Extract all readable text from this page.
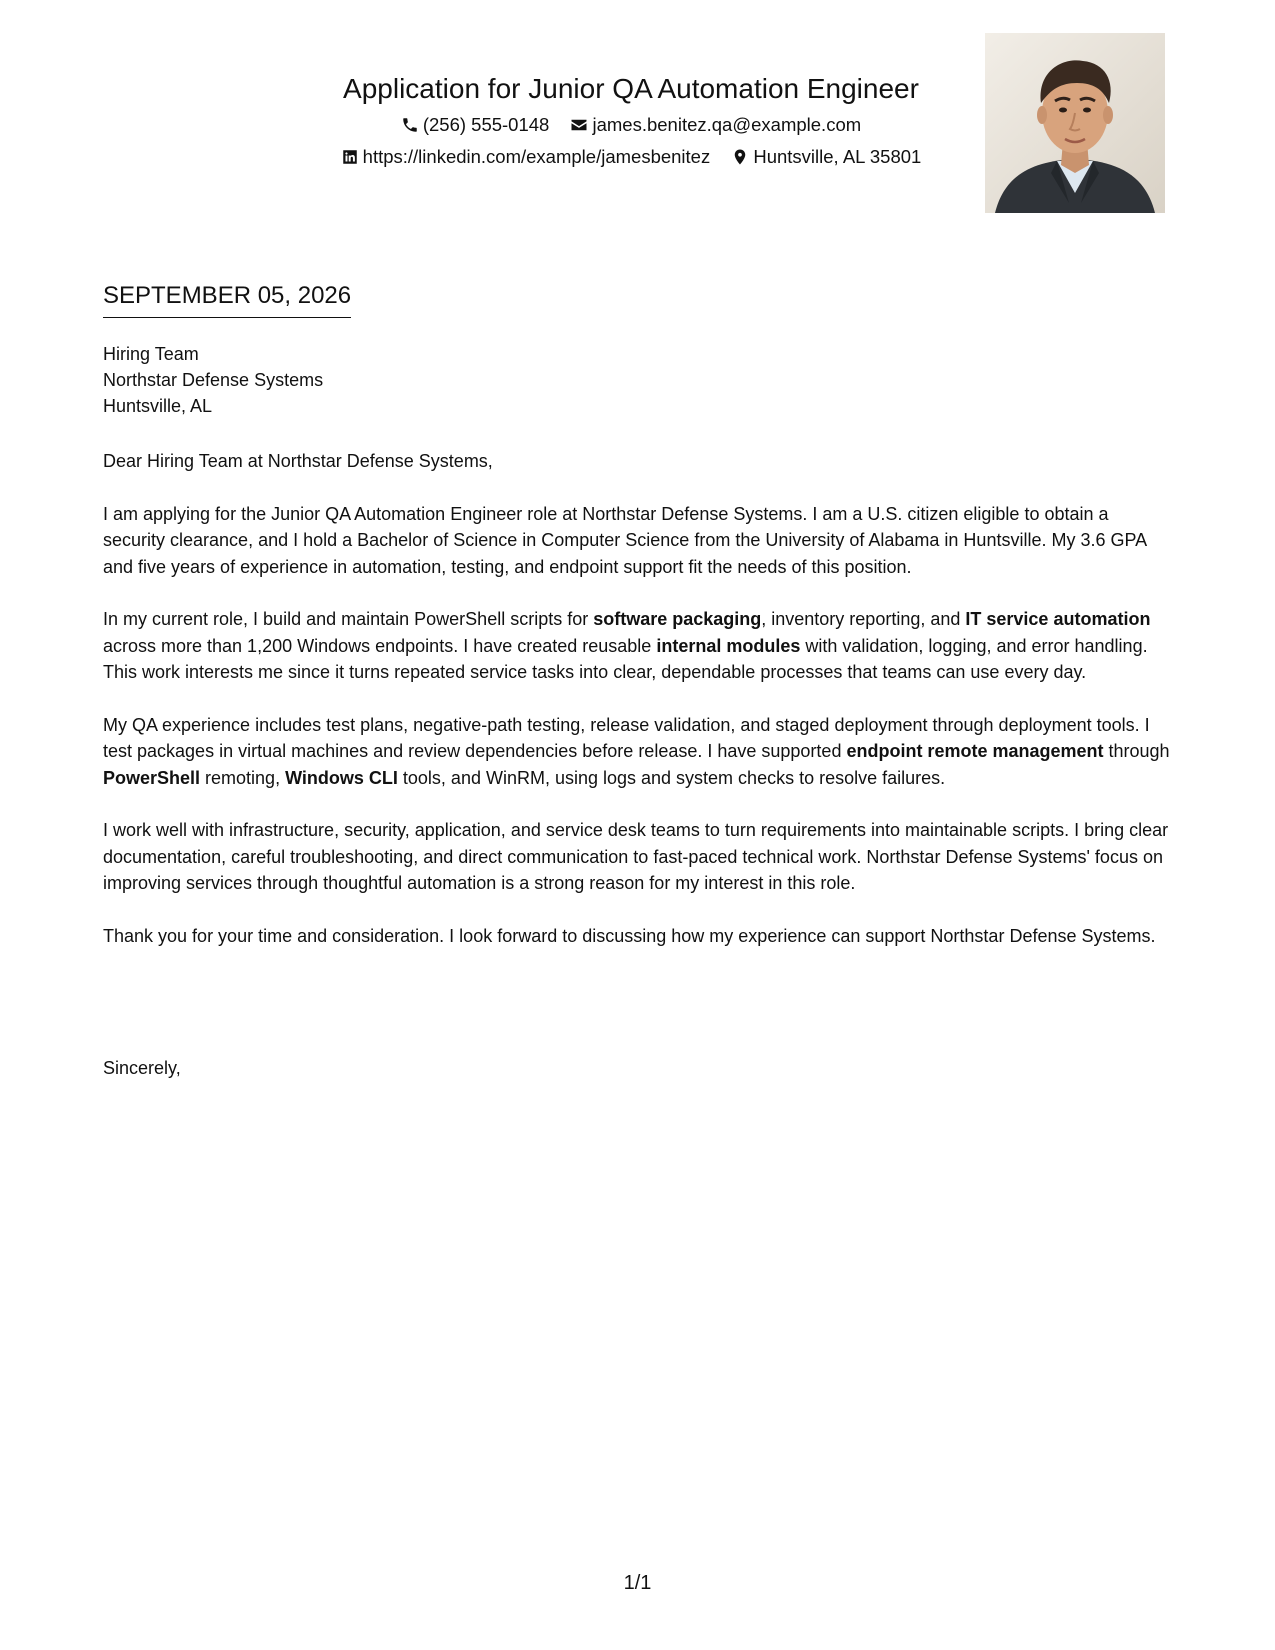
Application for Junior QA Automation Engineer
(256) 555-0148
james.benitez.qa@example.com
https://linkedin.com/example/jamesbenitez
Huntsville, AL 35801
SEPTEMBER 05, 2026
Hiring Team
Northstar Defense Systems
Huntsville, AL

Dear Hiring Team at Northstar Defense Systems,

I am applying for the Junior QA Automation Engineer role at Northstar Defense Systems. I am a U.S. citizen eligible to obtain a security clearance, and I hold a Bachelor of Science in Computer Science from the University of Alabama in Huntsville. My 3.6 GPA and five years of experience in automation, testing, and endpoint support fit the needs of this position.

In my current role, I build and maintain PowerShell scripts for software packaging, inventory reporting, and IT service automation across more than 1,200 Windows endpoints. I have created reusable internal modules with validation, logging, and error handling. This work interests me since it turns repeated service tasks into clear, dependable processes that teams can use every day.

My QA experience includes test plans, negative-path testing, release validation, and staged deployment through deployment tools. I test packages in virtual machines and review dependencies before release. I have supported endpoint remote management through PowerShell remoting, Windows CLI tools, and WinRM, using logs and system checks to resolve failures.

I work well with infrastructure, security, application, and service desk teams to turn requirements into maintainable scripts. I bring clear documentation, careful troubleshooting, and direct communication to fast-paced technical work. Northstar Defense Systems' focus on improving services through thoughtful automation is a strong reason for my interest in this role.

Thank you for your time and consideration. I look forward to discussing how my experience can support Northstar Defense Systems.

Sincerely,
1/1
